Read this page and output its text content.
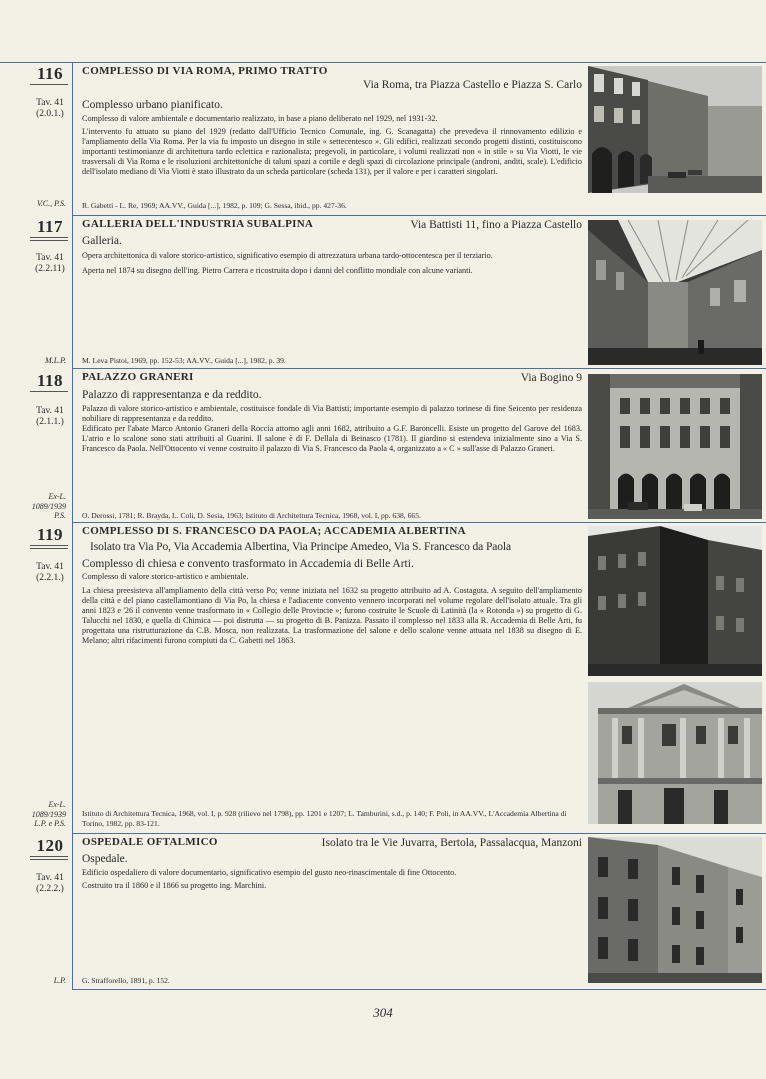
116
Tav. 41
(2.0.1.)
V.C., P.S.
COMPLESSO DI VIA ROMA, PRIMO TRATTO
Via Roma, tra Piazza Castello e Piazza S. Carlo
Complesso urbano pianificato.
Complesso di valore ambientale e documentario realizzato, in base a piano deliberato nel 1929, nel 1931-32.
L'intervento fu attuato su piano del 1929 (redatto dall'Ufficio Tecnico Comunale, ing. G. Scanagatta) che prevedeva il rinnovamento edilizio e l'ampliamento della Via Roma. Per la via fu imposto un disegno in stile « settecentesco ». Gli edifici, realizzati secondo progetti distinti, costituiscono importanti testimonianze di architettura tardo eclettica e razionalista; pregevoli, in particolare, i volumi realizzati non « in stile » su Via Viotti, le vie trasversali di Via Roma e le risoluzioni architettoniche di taluni spazi a cortile e degli spazi di circolazione principale (androni, anditi, scale). L'edificio dell'isolato mediano di Via Viotti è stato illustrato da un scheda particolare (scheda 131), per il valore e per i caratteri singolari.
R. Gabetti - L. Re, 1969; AA.VV., Guida [...], 1982, p. 109; G. Sessa, ibid., pp. 427-36.
117
Tav. 41
(2.2.11)
M.L.P.
GALLERIA DELL'INDUSTRIA SUBALPINA	Via Battisti 11, fino a Piazza Castello
Galleria.
Opera architettonica di valore storico-artistico, significativo esempio di attrezzatura urbana tardo-ottocentesca per il terziario.
Aperta nel 1874 su disegno dell'ing. Pietro Carrera e ricostruita dopo i danni del conflitto mondiale con alcune varianti.
M. Leva Pistoi, 1969, pp. 152-53; AA.VV., Guida [...], 1982, p. 39.
118
Tav. 41
(2.1.1.)
Ex-L.
1089/1939
P.S.
PALAZZO GRANERI	Via Bogino 9
Palazzo di rappresentanza e da reddito.
Palazzo di valore storico-artistico e ambientale, costituisce fondale di Via Battisti; importante esempio di palazzo torinese di fine Seicento per residenza nobiliare di rappresentanza e da reddito.
Edificato per l'abate Marco Antonio Graneri della Roccia attorno agli anni 1682, attribuito a G.F. Baroncelli. Esiste un progetto del Garove del 1683. L'atrio e lo scalone sono stati attribuiti al Guarini. Il salone è di F. Dellala di Beinasco (1781). Il giardino si estendeva inizialmente sino a Via S. Francesco da Paola. Nell'Ottocento vi venne costruito il palazzo di Via S. Francesco da Paola 4, organizzato a « C » sull'asse di Palazzo Graneri.
O. Derossi, 1781; R. Brayda, L. Coli, D. Sesia, 1963; Istituto di Architettura Tecnica, 1968, vol. I, pp. 638, 665.
119
Tav. 41
(2.2.1.)
Ex-L.
1089/1939
L.P. e P.S.
COMPLESSO DI S. FRANCESCO DA PAOLA; ACCADEMIA ALBERTINA
Isolato tra Via Po, Via Accademia Albertina, Via Principe Amedeo, Via S. Francesco da Paola
Complesso di chiesa e convento trasformato in Accademia di Belle Arti.
Complesso di valore storico-artistico e ambientale.
La chiesa preesisteva all'ampliamento della città verso Po; venne iniziata nel 1632 su progetto attribuito ad A. Costaguta. A seguito dell'ampliamento della città e del piano castellamontiano di Via Po, la chiesa e l'adiacente convento vennero incorporati nel volume regolare dell'isolato attuale. Tra gli anni 1823 e '26 il convento venne trasformato in « Collegio delle Provincie »; furono costruite le Scuole di Latinità (la « Rotonda ») su progetto di G. Talucchi nel 1830, e quella di Chimica — poi distrutta — su progetto di B. Panizza. Passato il complesso nel 1833 alla R. Accademia di Belle Arti, fu progettata una ristrutturazione da C.B. Mosca, non realizzata. La trasformazione del salone e dello scalone venne attuata nel 1838 su disegno di E. Melano; altri rifacimenti furono compiuti da C. Gabetti nel 1863.
Istituto di Architettura Tecnica, 1968, vol. I, p. 928 (rilievo nel 1798), pp. 1201 e 1207; L. Tamburini, s.d., p. 140; F. Poli, in AA.VV., L'Accademia Albertina di Torino, 1982, pp. 83-121.
120
Tav. 41
(2.2.2.)
L.P.
OSPEDALE OFTALMICO	Isolato tra le Vie Juvarra, Bertola, Passalacqua, Manzoni
Ospedale.
Edificio ospedaliero di valore documentario, significativo esempio del gusto neo-rinascimentale di fine Ottocento.
Costruito tra il 1860 e il 1866 su progetto ing. Marchini.
G. Strafforello, 1891, p. 152.
304
